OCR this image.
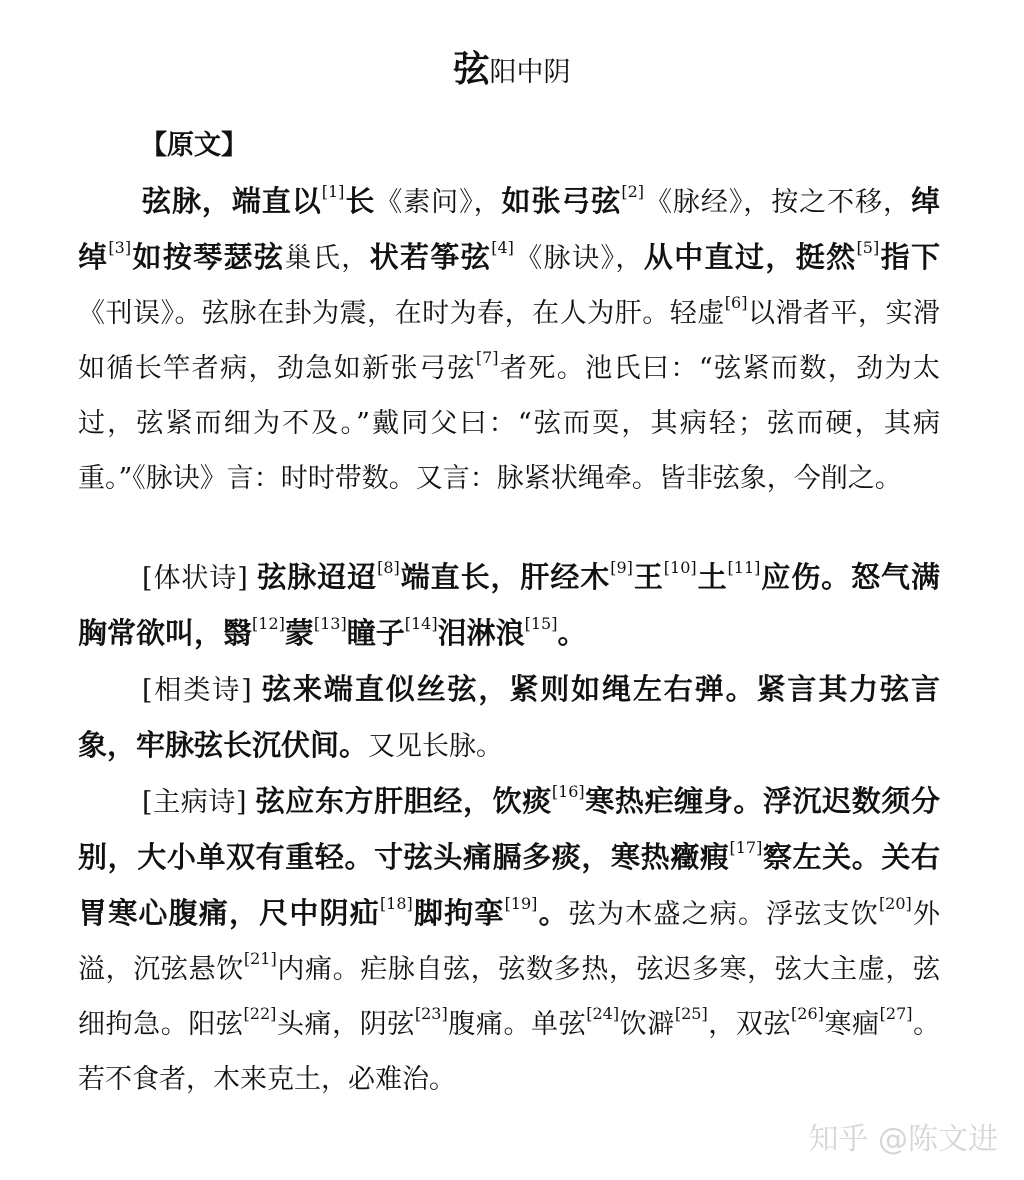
弦阳中阴
【原文】
弦脉，端直以[1]长《素问》，如张弓弦[2]《脉经》，按之不移，绰绰[3]如按琴瑟弦巢氏，状若筝弦[4]《脉诀》，从中直过，挺然[5]指下《刊误》。弦脉在卦为震，在时为春，在人为肝。轻虚[6]以滑者平，实滑如循长竿者病，劲急如新张弓弦[7]者死。池氏曰：“弦紧而数，劲为太过，弦紧而细为不及。”戴同父曰：“弦而耎，其病轻；弦而硬，其病重。”《脉诀》言：时时带数。又言：脉紧状绳牵。皆非弦象，今削之。
[体状诗] 弦脉迢迢[8]端直长，肝经木[9]王[10]土[11]应伤。怒气满胸常欲叫，翳[12]蒙[13]瞳子[14]泪淋浪[15]。
[相类诗] 弦来端直似丝弦，紧则如绳左右弹。紧言其力弦言象，牢脉弦长沉伏间。又见长脉。
[主病诗] 弦应东方肝胆经，饮痰[16]寒热疟缠身。浮沉迟数须分别，大小单双有重轻。寸弦头痛膈多痰，寒热癥瘕[17]察左关。关右胃寒心腹痛，尺中阴疝[18]脚拘挛[19]。弦为木盛之病。浮弦支饮[20]外溢，沉弦悬饮[21]内痛。疟脉自弦，弦数多热，弦迟多寒，弦大主虚，弦细拘急。阳弦[22]头痛，阴弦[23]腹痛。单弦[24]饮澼[25]，双弦[26]寒痼[27]。若不食者，木来克土，必难治。
知乎 @陈文进
